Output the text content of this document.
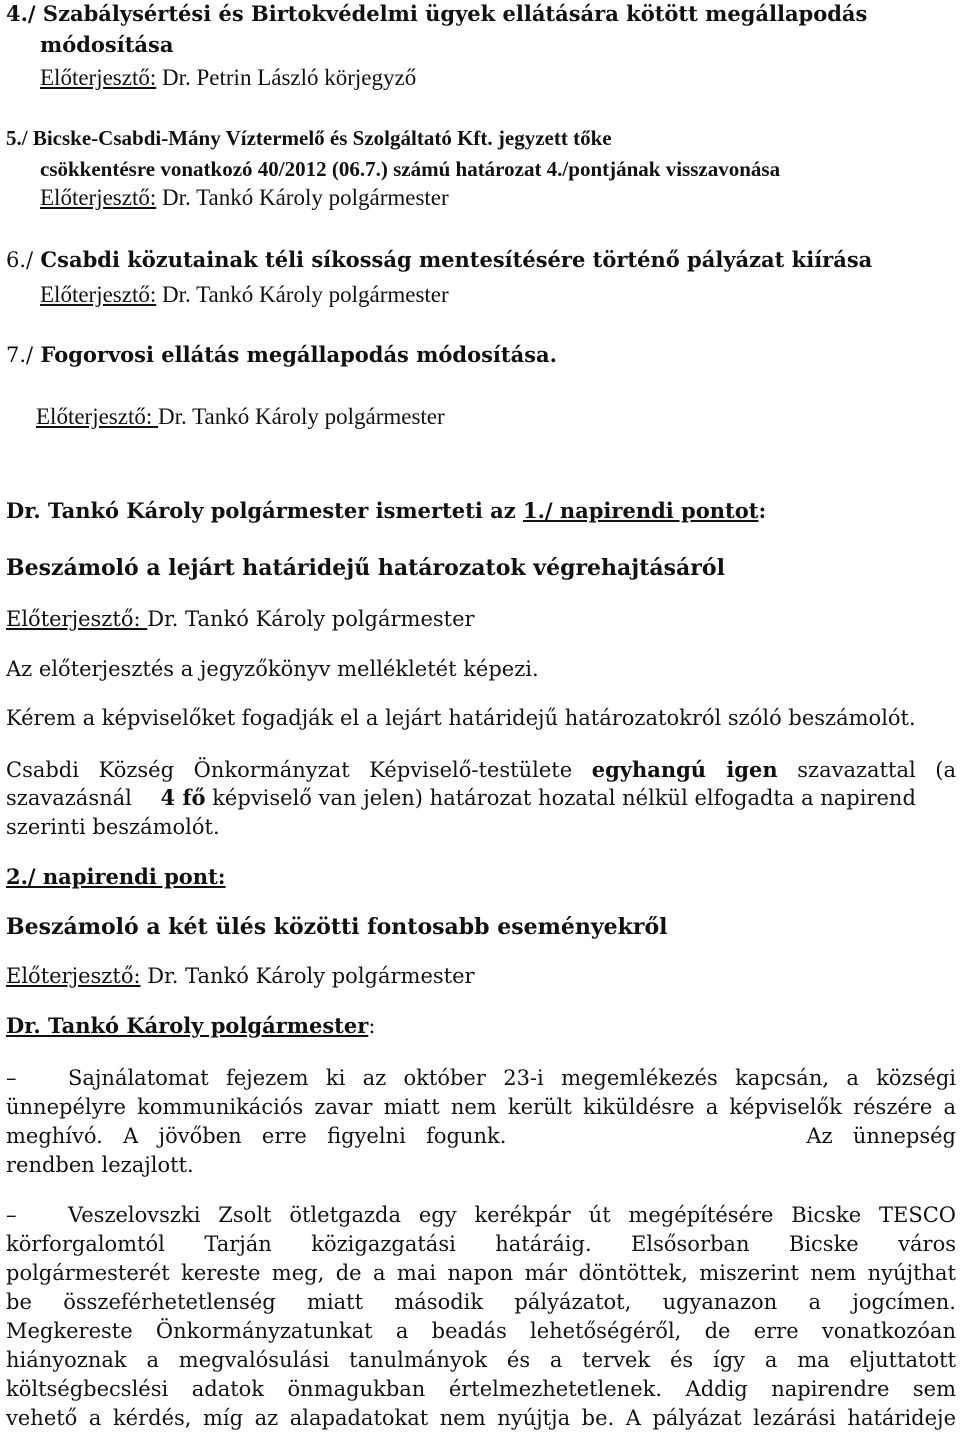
4./ Szabálysértési és Birtokvédelmi ügyek ellátására kötött megállapodás
módosítása
Előterjesztő: Dr. Petrin László körjegyző
5./ Bicske-Csabdi-Mány Víztermelő és Szolgáltató Kft. jegyzett tőke
csökkentésre vonatkozó 40/2012 (06.7.) számú határozat 4./pontjának visszavonása
Előterjesztő: Dr. Tankó Károly polgármester
6./ Csabdi közutainak téli síkosság mentesítésére történő pályázat kiírása
Előterjesztő: Dr. Tankó Károly polgármester
7./ Fogorvosi ellátás megállapodás módosítása.
Előterjesztő: Dr. Tankó Károly polgármester
Dr. Tankó Károly polgármester ismerteti az 1./ napirendi pontot:
Beszámoló a lejárt határidejű határozatok végrehajtásáról
Előterjesztő: Dr. Tankó Károly polgármester
Az előterjesztés a jegyzőkönyv mellékletét képezi.
Kérem a képviselőket fogadják el a lejárt határidejű határozatokról szóló beszámolót.
Csabdi Község Önkormányzat Képviselő-testülete egyhangú igen szavazattal (a
szavazásnál 4 fő képviselő van jelen) határozat hozatal nélkül elfogadta a napirend
szerinti beszámolót.
2./ napirendi pont:
Beszámoló a két ülés közötti fontosabb eseményekről
Előterjesztő: Dr. Tankó Károly polgármester
Dr. Tankó Károly polgármester:
– Sajnálatomat fejezem ki az október 23-i megemlékezés kapcsán, a községi
ünnepélyre kommunikációs zavar miatt nem került kiküldésre a képviselők részére a
meghívó. A jövőben erre figyelni fogunk.	Az ünnepség
rendben lezajlott.
– Veszelovszki Zsolt ötletgazda egy kerékpár út megépítésére Bicske TESCO
körforgalomtól Tarján közigazgatási határáig. Elsősorban Bicske város
polgármesterét kereste meg, de a mai napon már döntöttek, miszerint nem nyújthat
be összeférhetetlenség miatt második pályázatot, ugyanazon a jogcímen.
Megkereste Önkormányzatunkat a beadás lehetőségéről, de erre vonatkozóan
hiányoznak a megvalósulási tanulmányok és a tervek és így a ma eljuttatott
költségbecslési adatok önmagukban értelmezhetetlenek. Addig napirendre sem
vehető a kérdés, míg az alapadatokat nem nyújtja be. A pályázat lezárási határideje
